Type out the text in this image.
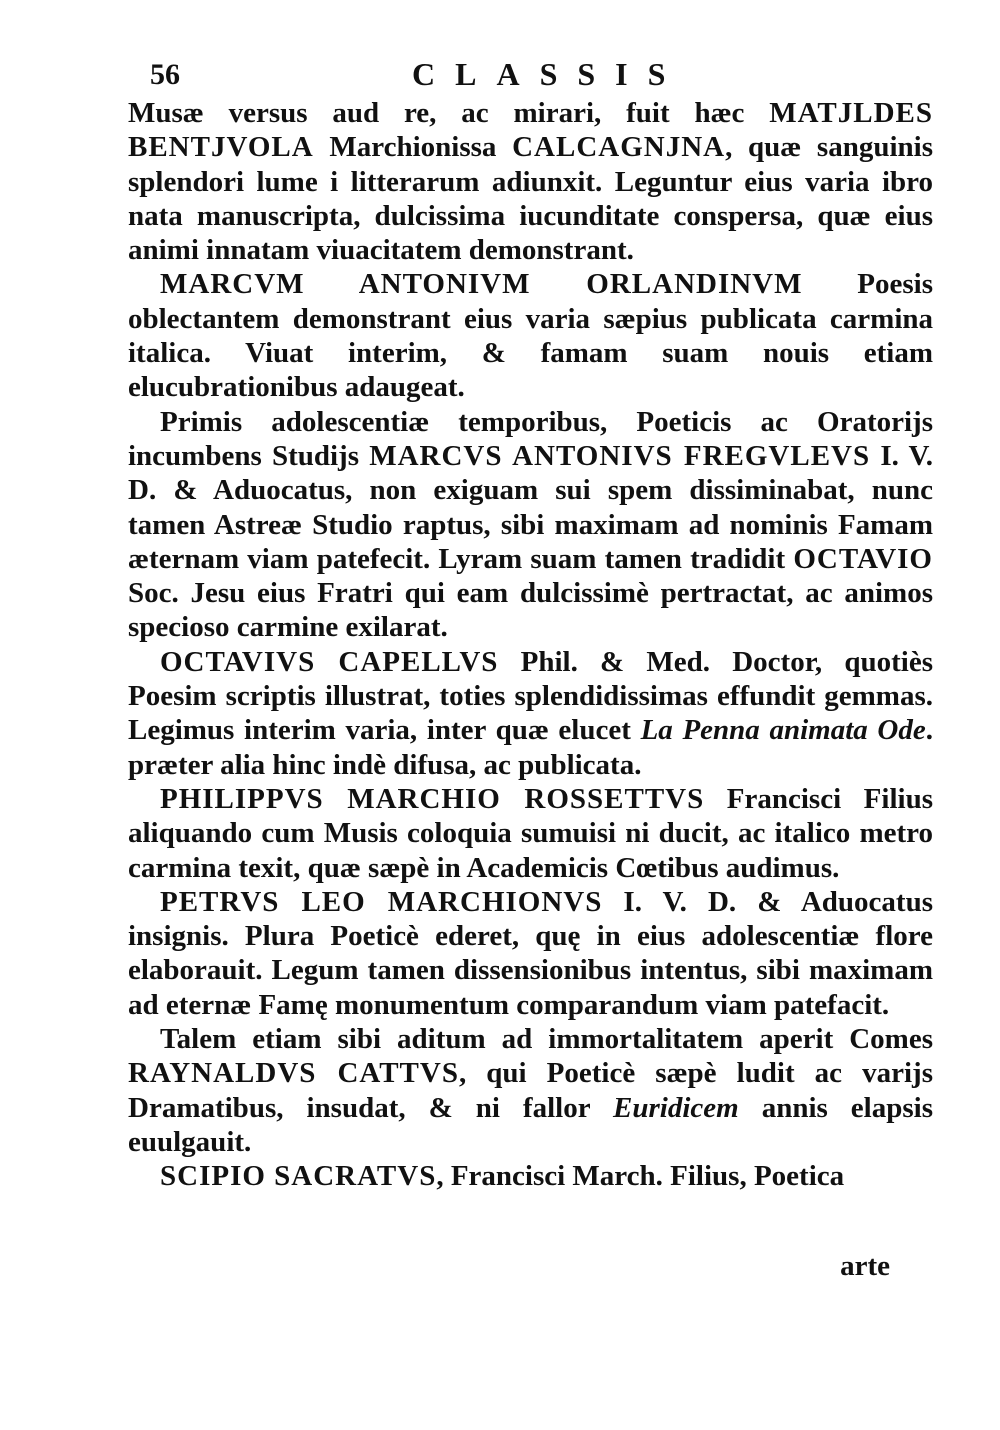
56	CLASSIS

Musæ versus aud re, ac mirari, fuit hæc MATJLDES BENTJVOLA Marchionissa CALCAGNJNA, quæ sanguinis splendori lume i litterarum adiunxit. Leguntur eius varia ibro nata manuscripta, dulcissima iucunditate conspersa, quæ eius animi innatam viuacitatem demonstrant.

MARCVM ANTONIVM ORLANDINVM Poesis oblectantem demonstrant eius varia sæpius publicata carmina italica. Viuat interim, & famam suam nouis etiam elucubrationibus adaugeat.

Primis adolescentiæ temporibus, Poeticis ac Oratorijs incumbens Studijs MARCVS ANTONIVS FREGVLEVS I. V. D. & Aduocatus, non exiguam sui spem dissiminabat, nunc tamen Astreæ Studio raptus, sibi maximam ad nominis Famam æternam viam patefecit. Lyram suam tamen tradidit OCTAVIO Soc. Jesu eius Fratri qui eam dulcissimè pertractat, ac animos specioso carmine exilarat.

OCTAVIVS CAPELLVS Phil. & Med. Doctor, quotiès Poesim scriptis illustrat, toties splendidissimas effundit gemmas. Legimus interim varia, inter quæ elucet La Penna animata Ode. præter alia hinc indè difusa, ac publicata.

PHILIPPVS MARCHIO ROSSETTVS Francisci Filius aliquando cum Musis coloquia sumuisi ni ducit, ac italico metro carmina texit, quæ sæpè in Academicis Cœtibus audimus.

PETRVS LEO MARCHIONVS I. V. D. & Aduocatus insignis. Plura Poeticè ederet, quę in eius adolescentiæ flore elaborauit. Legum tamen dissensionibus intentus, sibi maximam ad eternæ Famę monumentum comparandum viam patefacit.

Talem etiam sibi aditum ad immortalitatem aperit Comes RAYNALDVS CATTVS, qui Poeticè sæpè ludit ac varijs Dramatibus, insudat, & ni fallor Euridicem annis elapsis euulgauit.

SCIPIO SACRATVS, Francisci March. Filius, Poetica

arte
